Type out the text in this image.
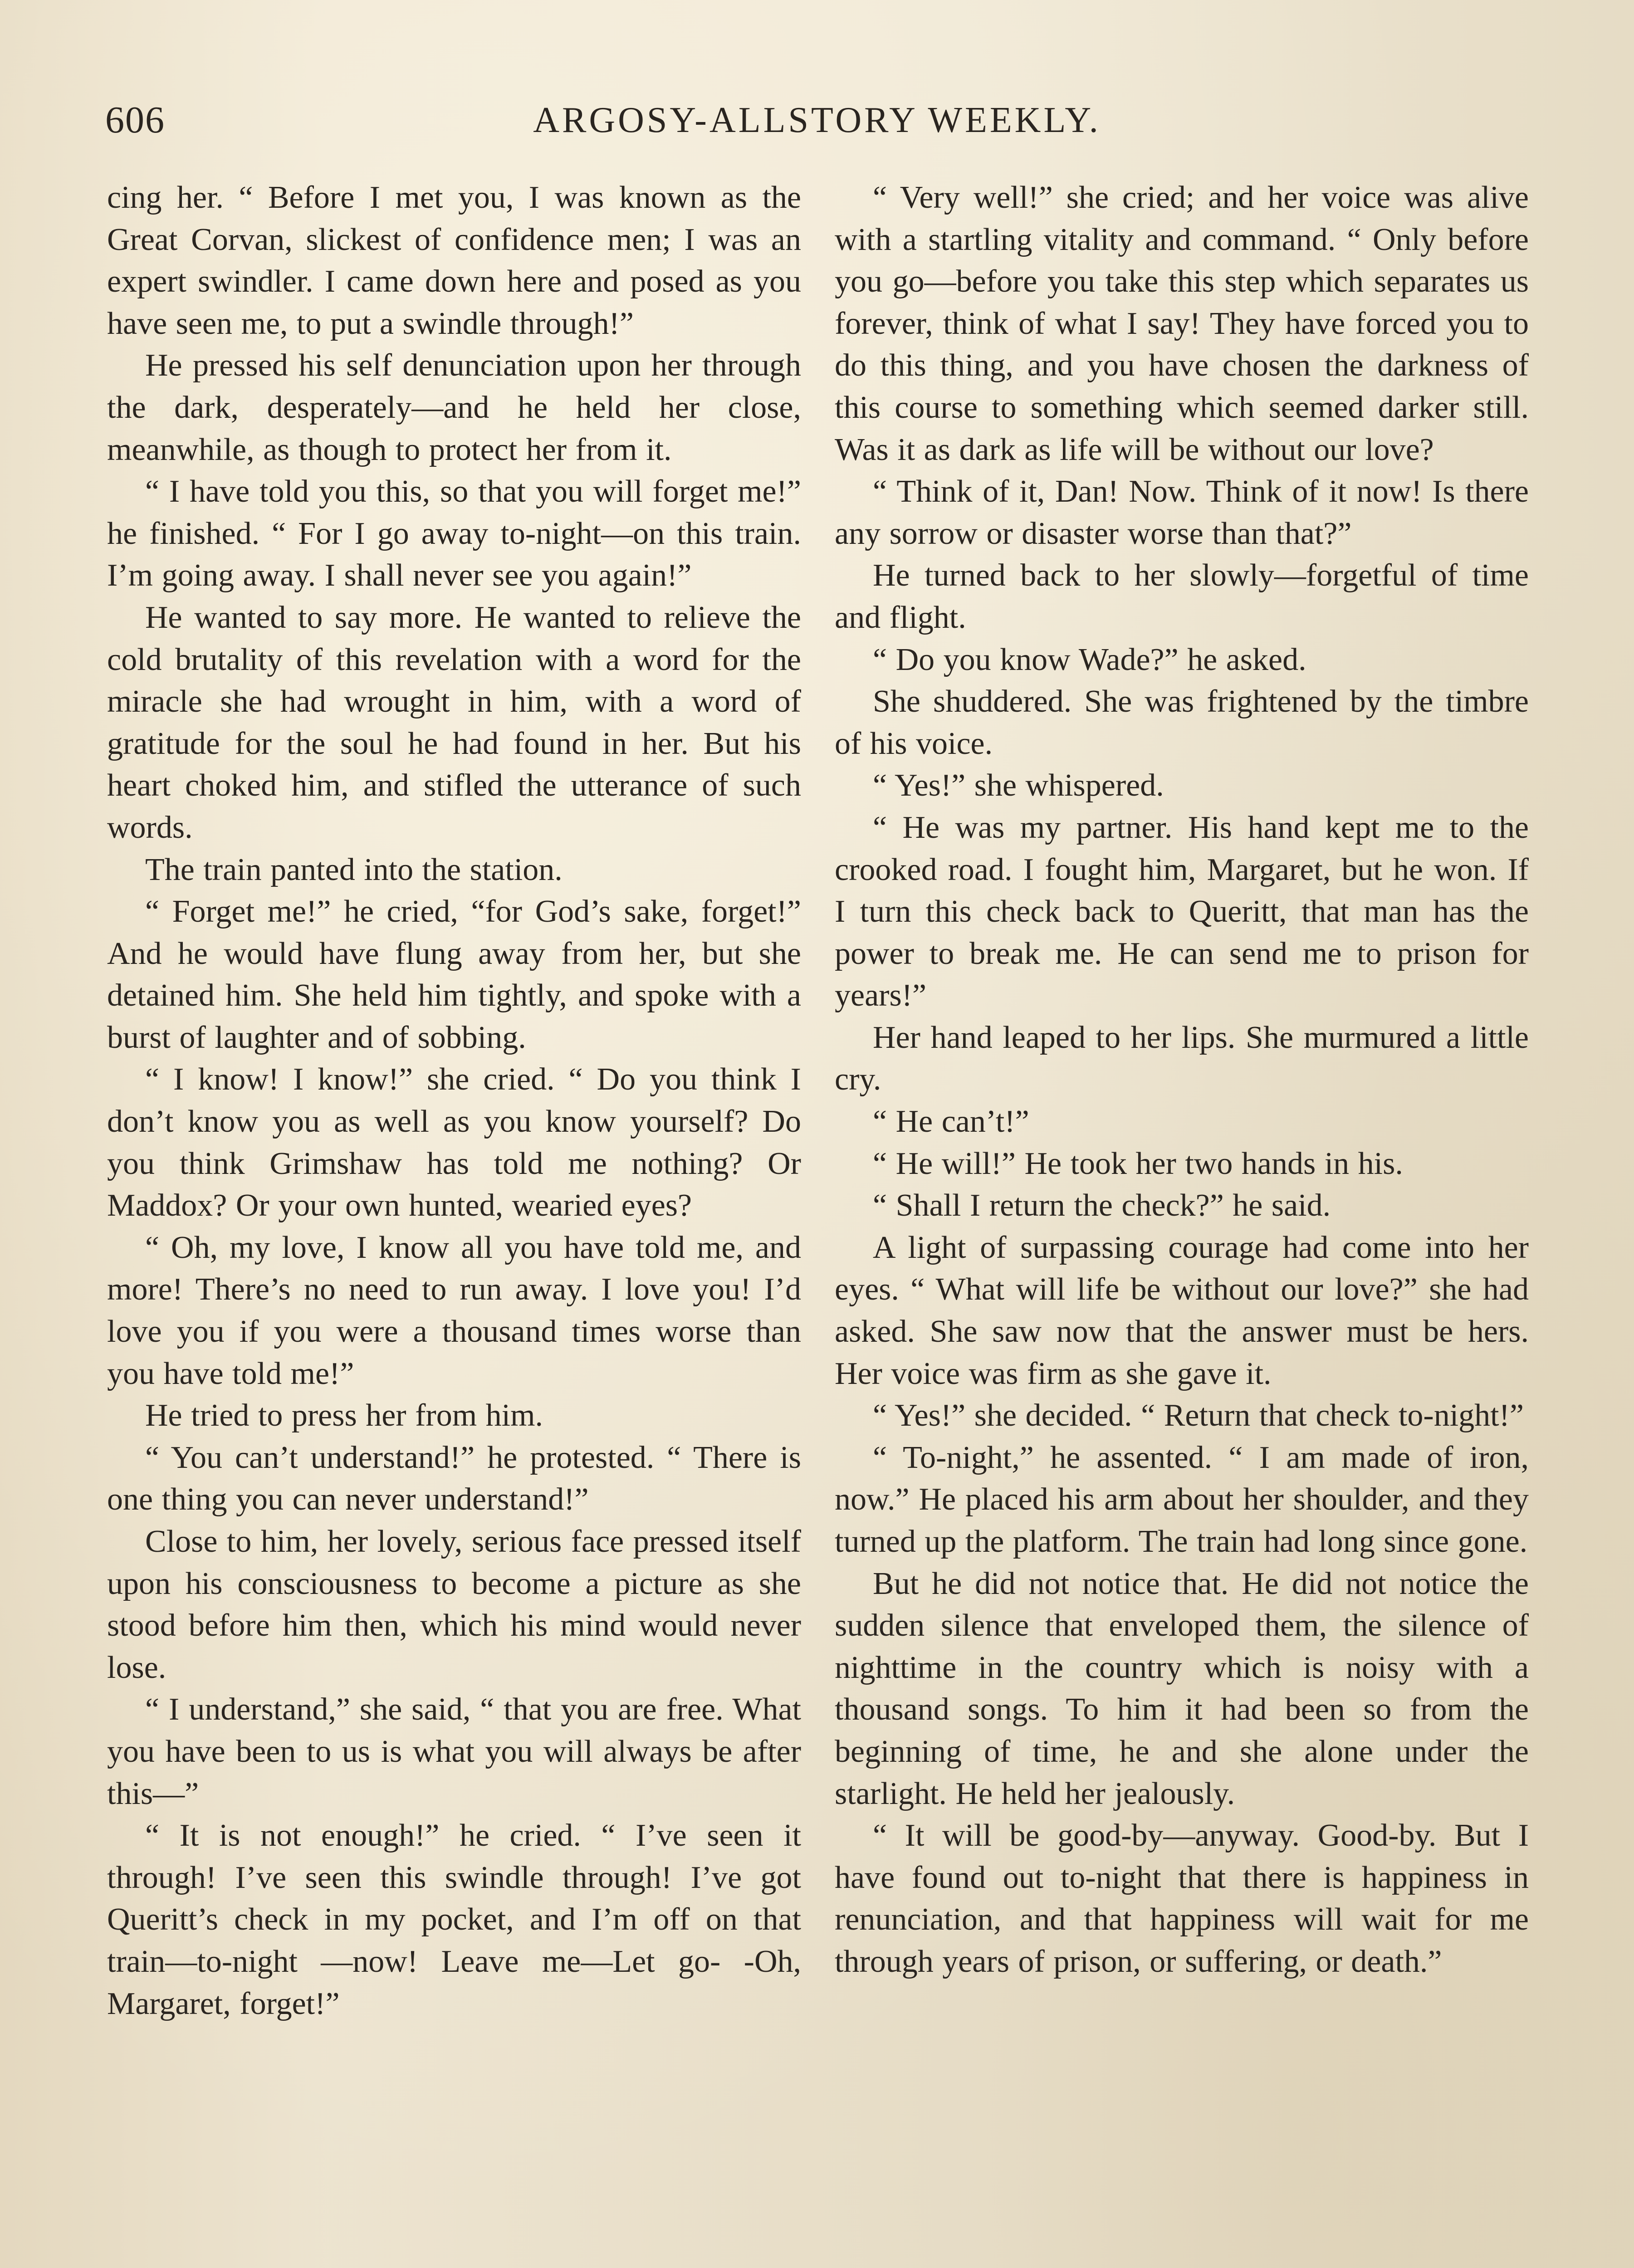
606	ARGOSY-ALLSTORY WEEKLY.

cing her. “ Before I met you, I was known as the Great Corvan, slickest of confidence men; I was an expert swindler. I came down here and posed as you have seen me, to put a swindle through!”

He pressed his self denunciation upon her through the dark, desperately—and he held her close, meanwhile, as though to protect her from it.

“ I have told you this, so that you will forget me!” he finished. “ For I go away to-night—on this train. I’m going away. I shall never see you again!”

He wanted to say more. He wanted to relieve the cold brutality of this revelation with a word for the miracle she had wrought in him, with a word of gratitude for the soul he had found in her. But his heart choked him, and stifled the utterance of such words.

The train panted into the station.

“ Forget me!” he cried, “for God’s sake, forget!” And he would have flung away from her, but she detained him. She held him tightly, and spoke with a burst of laughter and of sobbing.

“ I know! I know!” she cried. “ Do you think I don’t know you as well as you know yourself? Do you think Grimshaw has told me nothing? Or Maddox? Or your own hunted, wearied eyes?

“ Oh, my love, I know all you have told me, and more! There’s no need to run away. I love you! I’d love you if you were a thousand times worse than you have told me!”

He tried to press her from him.

“ You can’t understand!” he protested. “ There is one thing you can never understand!”

Close to him, her lovely, serious face pressed itself upon his consciousness to become a picture as she stood before him then, which his mind would never lose.

“ I understand,” she said, “ that you are free. What you have been to us is what you will always be after this—”

“ It is not enough!” he cried. “ I’ve seen it through! I’ve seen this swindle through! I’ve got Queritt’s check in my pocket, and I’m off on that train—to-night —now! Leave me—Let go- -Oh, Margaret, forget!”

“ Very well!” she cried; and her voice was alive with a startling vitality and command. “ Only before you go—before you take this step which separates us forever, think of what I say! They have forced you to do this thing, and you have chosen the darkness of this course to something which seemed darker still. Was it as dark as life will be without our love?

“ Think of it, Dan! Now. Think of it now! Is there any sorrow or disaster worse than that?”

He turned back to her slowly—forgetful of time and flight.

“ Do you know Wade?” he asked.

She shuddered. She was frightened by the timbre of his voice.

“ Yes!” she whispered.

“ He was my partner. His hand kept me to the crooked road. I fought him, Margaret, but he won. If I turn this check back to Queritt, that man has the power to break me. He can send me to prison for years!”

Her hand leaped to her lips. She murmured a little cry.

“ He can’t!”

“ He will!” He took her two hands in his.

“ Shall I return the check?” he said.

A light of surpassing courage had come into her eyes. “ What will life be without our love?” she had asked. She saw now that the answer must be hers. Her voice was firm as she gave it.

“ Yes!” she decided. “ Return that check to-night!”

“ To-night,” he assented. “ I am made of iron, now.” He placed his arm about her shoulder, and they turned up the platform. The train had long since gone.

But he did not notice that. He did not notice the sudden silence that enveloped them, the silence of nighttime in the country which is noisy with a thousand songs. To him it had been so from the beginning of time, he and she alone under the starlight. He held her jealously.

“ It will be good-by—anyway. Good-by. But I have found out to-night that there is happiness in renunciation, and that happiness will wait for me through years of prison, or suffering, or death.”
